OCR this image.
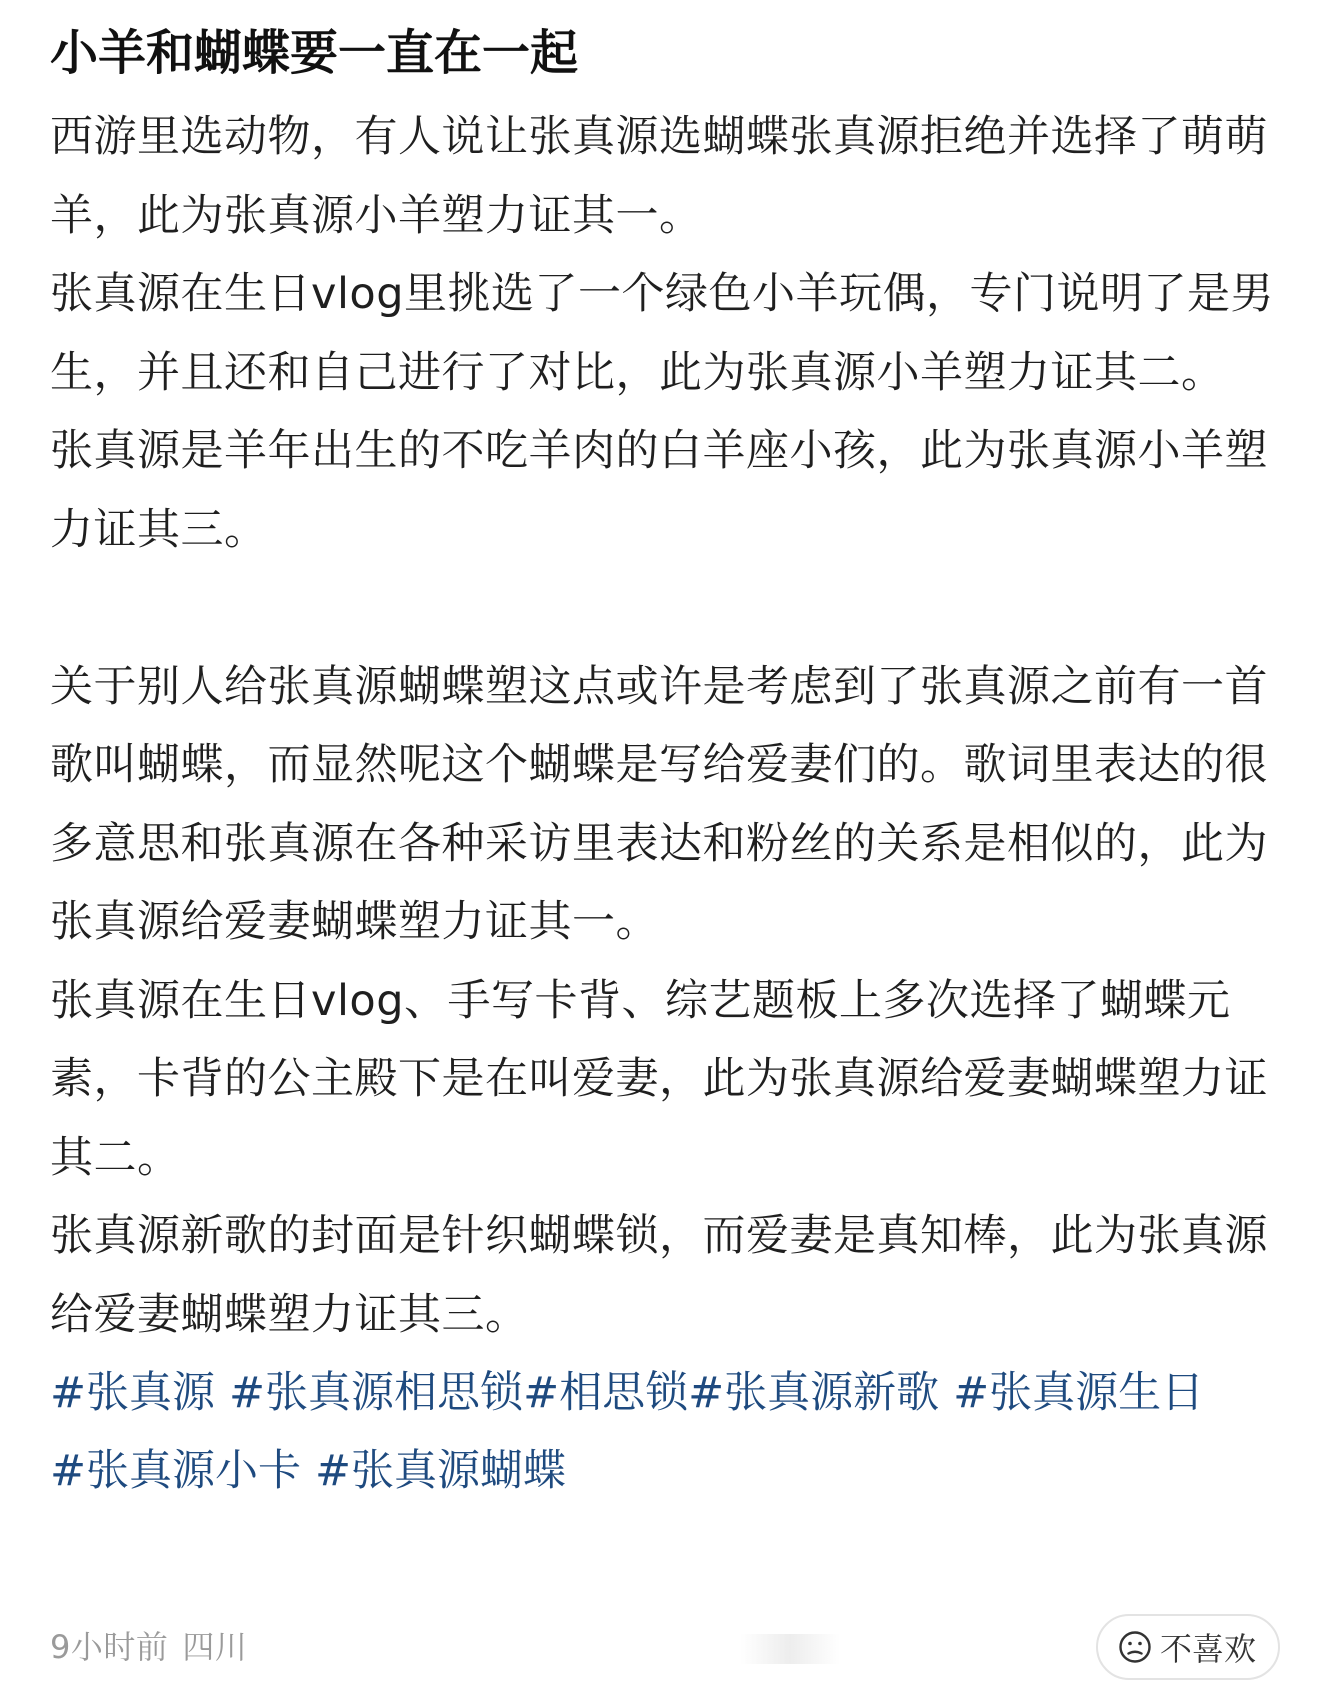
小羊和蝴蝶要一直在一起

西游里选动物，有人说让张真源选蝴蝶张真源拒绝并选择了萌萌羊，此为张真源小羊塑力证其一。

张真源在生日vlog里挑选了一个绿色小羊玩偶，专门说明了是男生，并且还和自己进行了对比，此为张真源小羊塑力证其二。

张真源是羊年出生的不吃羊肉的白羊座小孩，此为张真源小羊塑力证其三。

关于别人给张真源蝴蝶塑这点或许是考虑到了张真源之前有一首歌叫蝴蝶，而显然呢这个蝴蝶是写给爱妻们的。歌词里表达的很多意思和张真源在各种采访里表达和粉丝的关系是相似的，此为张真源给爱妻蝴蝶塑力证其一。

张真源在生日vlog、手写卡背、综艺题板上多次选择了蝴蝶元素，卡背的公主殿下是在叫爱妻，此为张真源给爱妻蝴蝶塑力证其二。

张真源新歌的封面是针织蝴蝶锁，而爱妻是真知棒，此为张真源给爱妻蝴蝶塑力证其三。

#张真源 #张真源相思锁#相思锁#张真源新歌 #张真源生日
#张真源小卡 #张真源蝴蝶
9小时前 四川	不喜欢
